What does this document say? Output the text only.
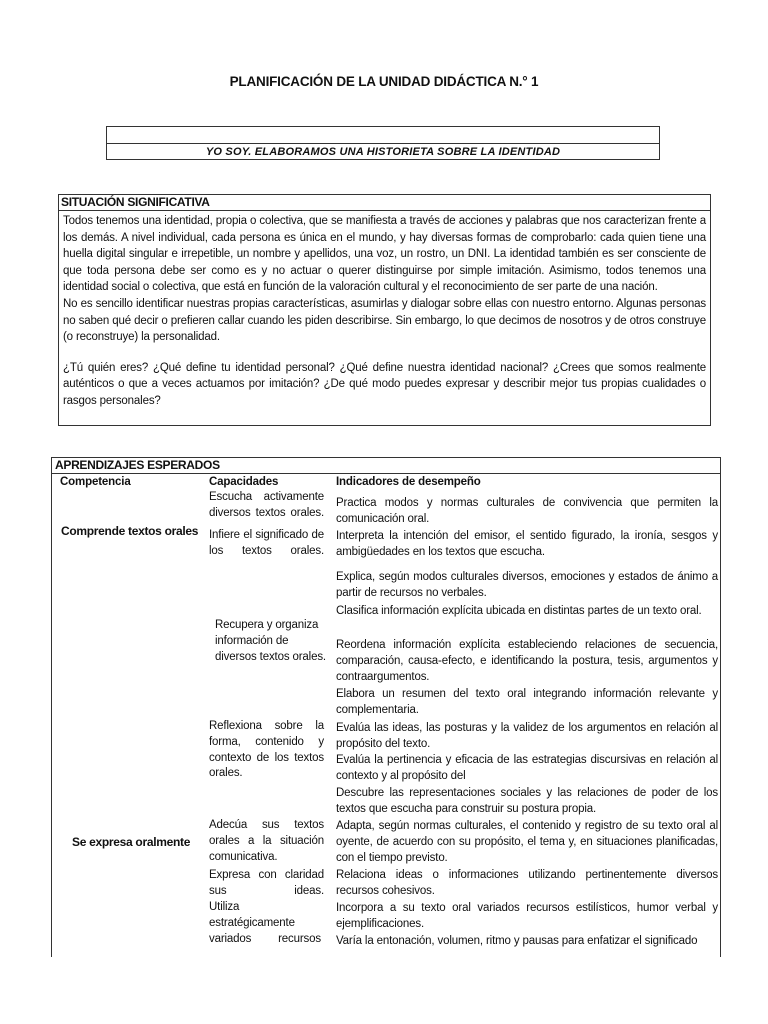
PLANIFICACIÓN DE LA UNIDAD DIDÁCTICA N.° 1
YO SOY. ELABORAMOS UNA HISTORIETA SOBRE LA IDENTIDAD
SITUACIÓN SIGNIFICATIVA

Todos tenemos una identidad, propia o colectiva, que se manifiesta a través de acciones y palabras que nos caracterizan frente a los demás. A nivel individual, cada persona es única en el mundo, y hay diversas formas de comprobarlo: cada quien tiene una huella digital singular e irrepetible, un nombre y apellidos, una voz, un rostro, un DNI. La identidad también es ser consciente de que toda persona debe ser como es y no actuar o querer distinguirse por simple imitación. Asimismo, todos tenemos una identidad social o colectiva, que está en función de la valoración cultural y el reconocimiento de ser parte de una nación.

No es sencillo identificar nuestras propias características, asumirlas y dialogar sobre ellas con nuestro entorno. Algunas personas no saben qué decir o prefieren callar cuando les piden describirse. Sin embargo, lo que decimos de nosotros y de otros construye (o reconstruye) la personalidad.

¿Tú quién eres? ¿Qué define tu identidad personal? ¿Qué define nuestra identidad nacional? ¿Crees que somos realmente auténticos o que a veces actuamos por imitación? ¿De qué modo puedes expresar y describir mejor tus propias cualidades o rasgos personales?

APRENDIZAJES ESPERADOS
Competencia	Capacidades	Indicadores de desempeño
Comprende textos orales
Se expresa oralmente
Escucha activamente diversos textos orales.
Infiere el significado de los textos orales.
Recupera y organiza información de diversos textos orales.
Reflexiona sobre la forma, contenido y contexto de los textos orales.
Adecúa sus textos orales a la situación comunicativa.
Expresa con claridad sus ideas.
Utiliza estratégicamente variados recursos
Practica modos y normas culturales de convivencia que permiten la comunicación oral.
Interpreta la intención del emisor, el sentido figurado, la ironía, sesgos y ambigüedades en los textos que escucha.
Explica, según modos culturales diversos, emociones y estados de ánimo a partir de recursos no verbales.
Clasifica información explícita ubicada en distintas partes de un texto oral.
Reordena información explícita estableciendo relaciones de secuencia, comparación, causa-efecto, e identificando la postura, tesis, argumentos y contraargumentos.
Elabora un resumen del texto oral integrando información relevante y complementaria.
Evalúa las ideas, las posturas y la validez de los argumentos en relación al propósito del texto.
Evalúa la pertinencia y eficacia de las estrategias discursivas en relación al contexto y al propósito del
Descubre las representaciones sociales y las relaciones de poder de los textos que escucha para construir su postura propia.
Adapta, según normas culturales, el contenido y registro de su texto oral al oyente, de acuerdo con su propósito, el tema y, en situaciones planificadas, con el tiempo previsto.
Relaciona ideas o informaciones utilizando pertinentemente diversos recursos cohesivos.
Incorpora a su texto oral variados recursos estilísticos, humor verbal y ejemplificaciones.
Varía la entonación, volumen, ritmo y pausas para enfatizar el significado
